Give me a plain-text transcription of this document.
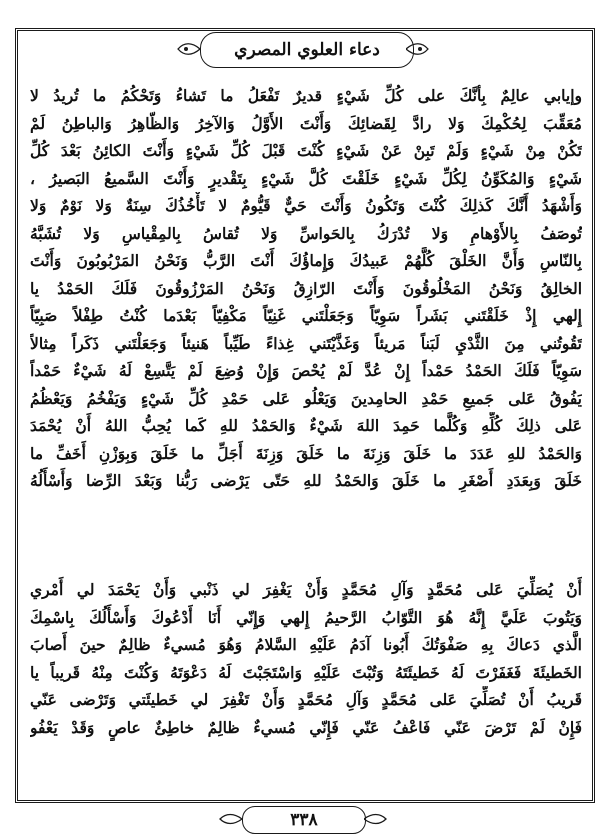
دعاء العلوي المصري
وإيابي عالِمٌ بِأنَّكَ على كُلِّ شَيْءٍ قديرٌ تَفْعَلُ ما تَشاءُ وَتَحْكُمُ ما تُريدُ لا
مُعَقِّبَ لِحُكْمِكَ وَلا رادَّ لِقَضائِكَ وَأَنْتَ الأَوَّلُ وَالآخِرُ وَالظّاهِرُ وَالباطِنُ لَمْ
تَكُنْ مِنْ شَيْءٍ وَلَمْ تَبِنْ عَنْ شَيْءٍ كُنْتَ قَبْلَ كُلِّ شَيْءٍ وَأَنْتَ الكائِنُ بَعْدَ كُلِّ
شَيْءٍ وَالمُكَوِّنُ لِكُلِّ شَيْءٍ خَلَقْتَ كُلَّ شَيْءٍ بِتَقْديرٍ وَأَنْتَ السَّميعُ البَصيرُ ،
وَأَشْهَدُ أَنَّكَ كَذلِكَ كُنْتَ وَتَكُونُ وَأَنْتَ حَيٌّ قَيُّومٌ لا تَأْخُذُكَ سِنَةٌ وَلا نَوْمٌ وَلا
تُوصَفُ بِالأَوْهامِ وَلا تُدْرَكُ بِالحَواسِّ وَلا تُقاسُ بِالمِقْياسِ وَلا تُشَبَّهُ
بِالنّاسِ وَأَنَّ الخَلْقَ كُلَّهُمْ عَبيدُكَ وَإِماؤُكَ أَنْتَ الرَّبُّ وَنَحْنُ المَرْبُوبُونَ وَأَنْتَ
الخالِقُ وَنَحْنُ المَخْلُوقُونَ وَأَنْتَ الرّازِقُ وَنَحْنُ المَرْزُوقُونَ فَلَكَ الحَمْدُ يا
إِلهي إِذْ خَلَقْتَني بَشَراً سَوِيّاً وَجَعَلْتَني غَنِيّاً مَكْفِيّاً بَعْدَما كُنْتُ طِفْلاً صَبِيّاً
تَقُوتُني مِنَ الثَّدْيِ لَبَناً مَريئاً وَغَذَّيْتَني غِذاءً طَيِّباً هَنيئاً وَجَعَلْتَني ذَكَراً مِثالاً
سَوِيّاً فَلَكَ الحَمْدُ حَمْداً إِنْ عُدَّ لَمْ يُحْصَ وَإِنْ وُضِعَ لَمْ يَتَّسِعْ لَهُ شَيْءٌ حَمْداً
يَفُوقُ عَلى جَميعِ حَمْدِ الحامِدينَ وَيَعْلُو عَلى حَمْدِ كُلِّ شَيْءٍ وَيَفْخُمُ وَيَعْظُمُ
عَلى ذلِكَ كُلِّهِ وَكُلَّما حَمِدَ اللهَ شَيْءٌ وَالحَمْدُ للهِ كَما يُحِبُّ اللهُ أَنْ يُحْمَدَ
وَالحَمْدُ للهِ عَدَدَ ما خَلَقَ وَزِنَةَ ما خَلَقَ وَزِنَةَ أَجَلِّ ما خَلَقَ وَبِوَزْنِ أَخَفِّ ما
خَلَقَ وَبِعَدَدِ أَصْغَرِ ما خَلَقَ وَالحَمْدُ للهِ حَتّى يَرْضى رَبُّنا وَبَعْدَ الرِّضا وَأَسْأَلُهُ
أَنْ يُصَلِّيَ عَلى مُحَمَّدٍ وَآلِ مُحَمَّدٍ وَأَنْ يَغْفِرَ لي ذَنْبي وَأَنْ يَحْمَدَ لي أَمْري
وَيَتُوبَ عَلَيَّ إِنَّهُ هُوَ التَّوّابُ الرَّحيمُ إِلهي وَإِنّي أَنَا أَدْعُوكَ وَأَسْأَلُكَ بِاسْمِكَ
الَّذي دَعاكَ بِهِ صَفْوَتُكَ أَبُونا آدَمُ عَلَيْهِ السَّلامُ وَهُوَ مُسيءٌ ظالِمٌ حينَ أَصابَ
الخَطيئَةَ فَغَفَرْتَ لَهُ خَطيئَتَهُ وَتُبْتَ عَلَيْهِ وَاسْتَجَبْتَ لَهُ دَعْوَتَهُ وَكُنْتَ مِنْهُ قَريباً يا
قَريبُ أَنْ تُصَلِّيَ عَلى مُحَمَّدٍ وَآلِ مُحَمَّدٍ وَأَنْ تَغْفِرَ لي خَطيئَتي وَتَرْضى عَنّي
فَإِنْ لَمْ تَرْضَ عَنّي فَاعْفُ عَنّي فَإِنّي مُسيءٌ ظالِمٌ خاطِئٌ عاصٍ وَقَدْ يَعْفُو
٣٣٨
